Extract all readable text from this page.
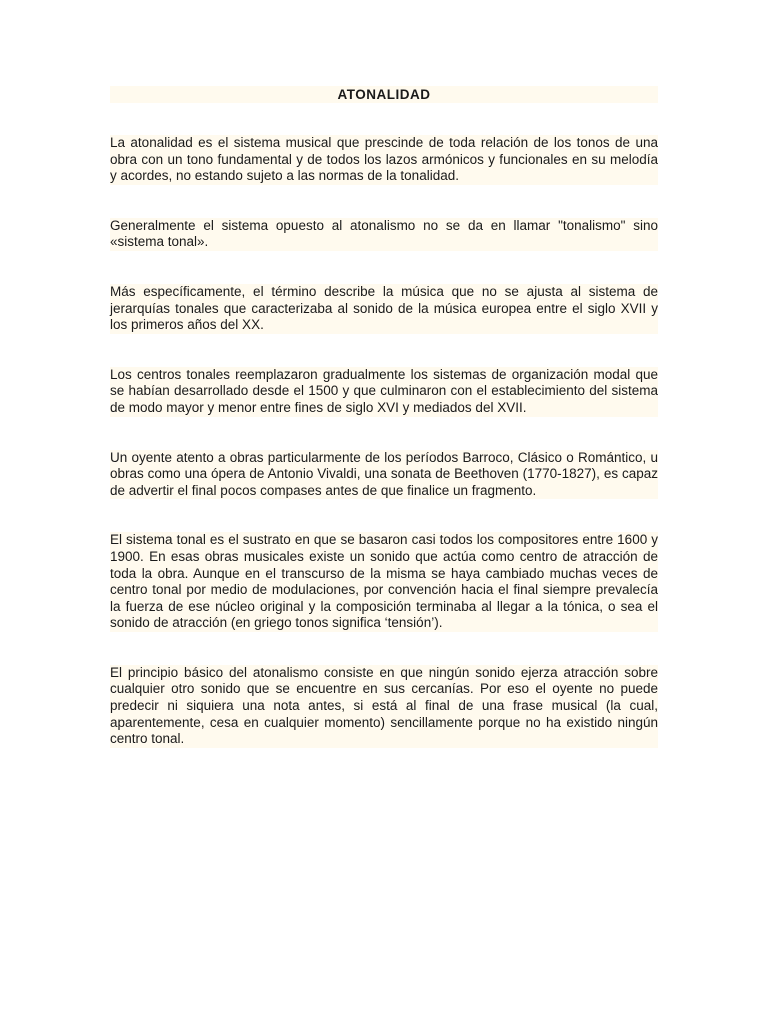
ATONALIDAD

La atonalidad es el sistema musical que prescinde de toda relación de los tonos de una obra con un tono fundamental y de todos los lazos armónicos y funcionales en su melodía y acordes, no estando sujeto a las normas de la tonalidad.

Generalmente el sistema opuesto al atonalismo no se da en llamar "tonalismo" sino «sistema tonal».

Más específicamente, el término describe la música que no se ajusta al sistema de jerarquías tonales que caracterizaba al sonido de la música europea entre el siglo XVII y los primeros años del XX.

Los centros tonales reemplazaron gradualmente los sistemas de organización modal que se habían desarrollado desde el 1500 y que culminaron con el establecimiento del sistema de modo mayor y menor entre fines de siglo XVI y mediados del XVII.

Un oyente atento a obras particularmente de los períodos Barroco, Clásico o Romántico, u obras como una ópera de Antonio Vivaldi, una sonata de Beethoven (1770-1827), es capaz de advertir el final pocos compases antes de que finalice un fragmento.

El sistema tonal es el sustrato en que se basaron casi todos los compositores entre 1600 y 1900. En esas obras musicales existe un sonido que actúa como centro de atracción de toda la obra. Aunque en el transcurso de la misma se haya cambiado muchas veces de centro tonal por medio de modulaciones, por convención hacia el final siempre prevalecía la fuerza de ese núcleo original y la composición terminaba al llegar a la tónica, o sea el sonido de atracción (en griego tonos significa ‘tensión’).

El principio básico del atonalismo consiste en que ningún sonido ejerza atracción sobre cualquier otro sonido que se encuentre en sus cercanías. Por eso el oyente no puede predecir ni siquiera una nota antes, si está al final de una frase musical (la cual, aparentemente, cesa en cualquier momento) sencillamente porque no ha existido ningún centro tonal.
